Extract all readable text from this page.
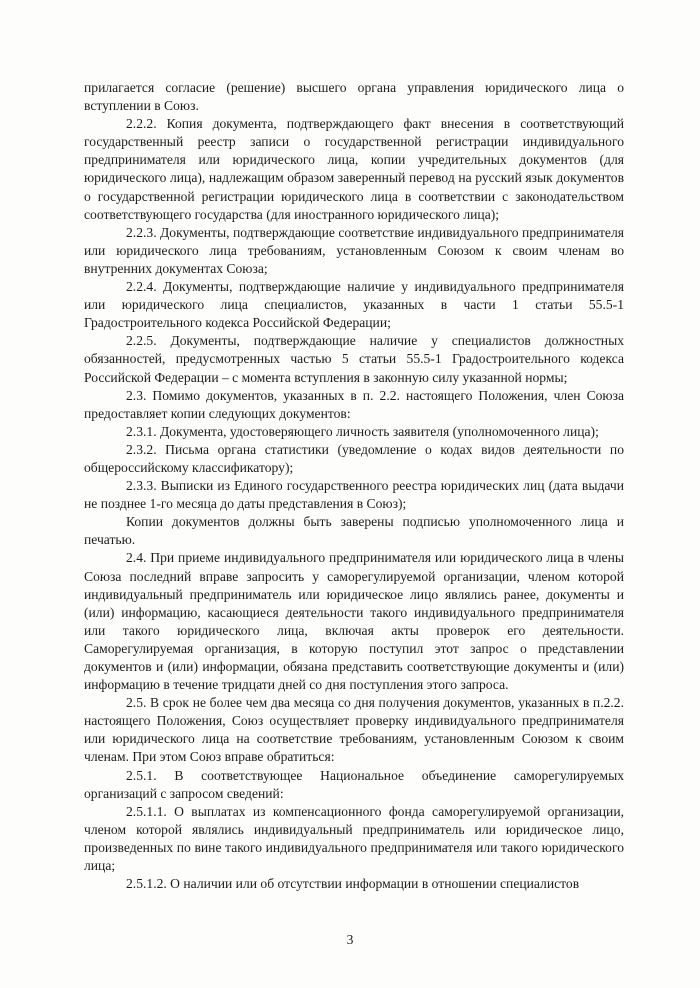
прилагается согласие (решение) высшего органа управления юридического лица о вступлении в Союз.

2.2.2. Копия документа, подтверждающего факт внесения в соответствующий государственный реестр записи о государственной регистрации индивидуального предпринимателя или юридического лица, копии учредительных документов (для юридического лица), надлежащим образом заверенный перевод на русский язык документов о государственной регистрации юридического лица в соответствии с законодательством соответствующего государства (для иностранного юридического лица);

2.2.3. Документы, подтверждающие соответствие индивидуального предпринимателя или юридического лица требованиям, установленным Союзом к своим членам во внутренних документах Союза;

2.2.4. Документы, подтверждающие наличие у индивидуального предпринимателя или юридического лица специалистов, указанных в части 1 статьи 55.5-1 Градостроительного кодекса Российской Федерации;

2.2.5. Документы, подтверждающие наличие у специалистов должностных обязанностей, предусмотренных частью 5 статьи 55.5-1 Градостроительного кодекса Российской Федерации – с момента вступления в законную силу указанной нормы;

2.3. Помимо документов, указанных в п. 2.2. настоящего Положения, член Союза предоставляет копии следующих документов:

2.3.1. Документа, удостоверяющего личность заявителя (уполномоченного лица);

2.3.2. Письма органа статистики (уведомление о кодах видов деятельности по общероссийскому классификатору);

2.3.3. Выписки из Единого государственного реестра юридических лиц (дата выдачи не позднее 1-го месяца до даты представления в Союз);

Копии документов должны быть заверены подписью уполномоченного лица и печатью.

2.4. При приеме индивидуального предпринимателя или юридического лица в члены Союза последний вправе запросить у саморегулируемой организации, членом которой индивидуальный предприниматель или юридическое лицо являлись ранее, документы и (или) информацию, касающиеся деятельности такого индивидуального предпринимателя или такого юридического лица, включая акты проверок его деятельности. Саморегулируемая организация, в которую поступил этот запрос о представлении документов и (или) информации, обязана представить соответствующие документы и (или) информацию в течение тридцати дней со дня поступления этого запроса.

2.5. В срок не более чем два месяца со дня получения документов, указанных в п.2.2. настоящего Положения, Союз осуществляет проверку индивидуального предпринимателя или юридического лица на соответствие требованиям, установленным Союзом к своим членам. При этом Союз вправе обратиться:

2.5.1. В соответствующее Национальное объединение саморегулируемых организаций с запросом сведений:

2.5.1.1. О выплатах из компенсационного фонда саморегулируемой организации, членом которой являлись индивидуальный предприниматель или юридическое лицо, произведенных по вине такого индивидуального предпринимателя или такого юридического лица;

2.5.1.2. О наличии или об отсутствии информации в отношении специалистов

3
